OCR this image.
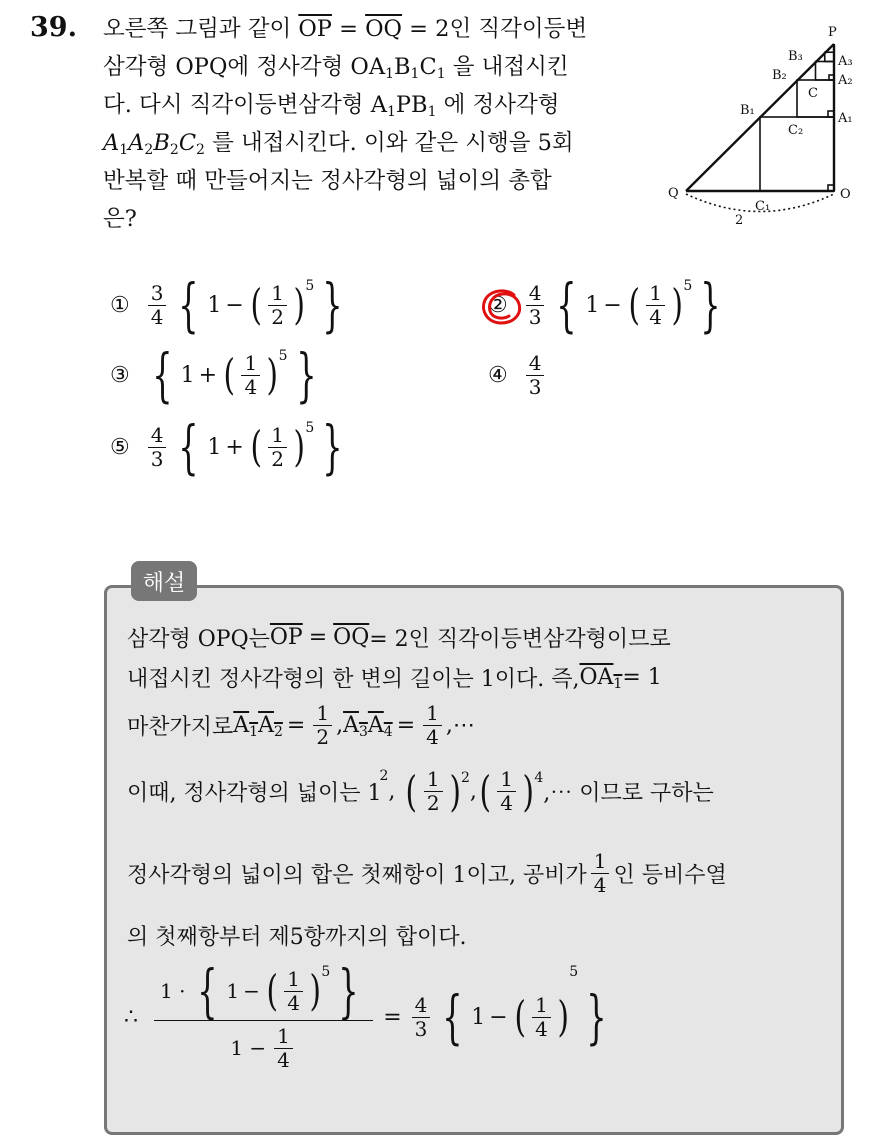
39. 오른쪽 그림과 같이 $\overline{OP} = \overline{OQ} = 2$인 직각이등변
삼각형 OPQ에 정사각형 $OA_1B_1C_1$ 을 내접시킨
다. 다시 직각이등변삼각형 $A_1PB_1$ 에 정사각형
$A_1A_2B_2C_2$ 를 내접시킨다. 이와 같은 시행을 5회
반복할 때 만들어지는 정사각형의 넓이의 총합
은?
P
Q	O
A₁
A₂
A₃
B₁
B₂
B₃
C
C₁
C₂
2
① $\frac{3}{4}$ { 1 − ( $\frac{1}{2}$ ) 5 }	② $\frac{4}{3}$ { 1 − ( $\frac{1}{4}$ ) 5 }
③ { 1 + ( $\frac{1}{4}$ ) 5 }	④ $\frac{4}{3}$
⑤ $\frac{4}{3}$ { 1 + ( $\frac{1}{2}$ ) 5 }
해설
삼각형 OPQ는 $\overline{OP} = \overline{OQ} = 2$인 직각이등변삼각형이므로
내접시킨 정사각형의 한 변의 길이는 1이다. 즉, $OA_1 = 1$
마찬가지로 $A_1A_2 = \frac{1}{2}$ , $A_3A_4 = \frac{1}{4}$ ,⋯
이때, 정사각형의 넓이는 1
2
, ( $\frac{1}{2}$ ) 2
, ( $\frac{1}{4}$ ) 4
,⋯ 이므로 구하는
정사각형의 넓이의 합은 첫째항이 1이고, 공비가 $\frac{1}{4}$ 인 등비수열
의 첫째항부터 제5항까지의 합이다.
∴ $\frac{1 \cdot \{ 1 - ( \frac{1}{4} ) 5 \}}{1 - \frac{1}{4}} = \frac{4}{3}$ { 1 − ( $\frac{1}{4}$ )
5
}
